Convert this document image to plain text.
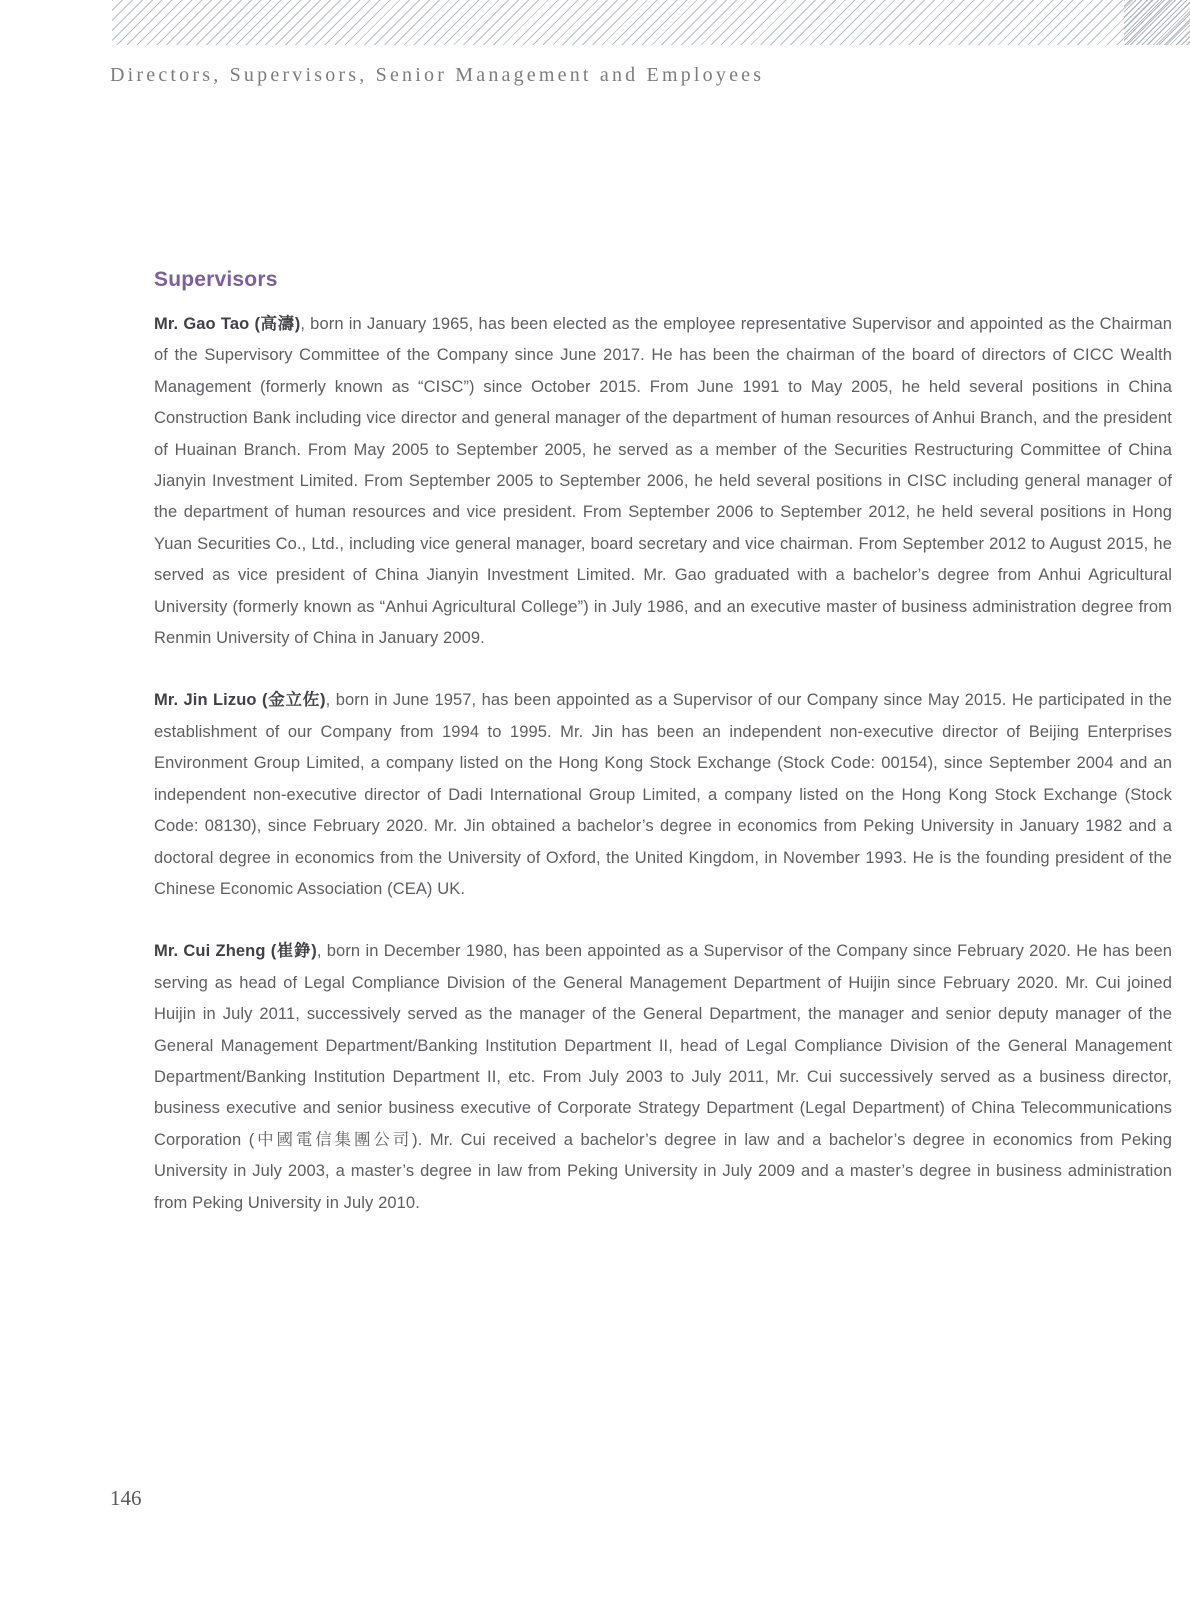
Directors, Supervisors, Senior Management and Employees
Supervisors

Mr. Gao Tao (高濤), born in January 1965, has been elected as the employee representative Supervisor and appointed as the Chairman of the Supervisory Committee of the Company since June 2017. He has been the chairman of the board of directors of CICC Wealth Management (formerly known as “CISC”) since October 2015. From June 1991 to May 2005, he held several positions in China Construction Bank including vice director and general manager of the department of human resources of Anhui Branch, and the president of Huainan Branch. From May 2005 to September 2005, he served as a member of the Securities Restructuring Committee of China Jianyin Investment Limited. From September 2005 to September 2006, he held several positions in CISC including general manager of the department of human resources and vice president. From September 2006 to September 2012, he held several positions in Hong Yuan Securities Co., Ltd., including vice general manager, board secretary and vice chairman. From September 2012 to August 2015, he served as vice president of China Jianyin Investment Limited. Mr. Gao graduated with a bachelor’s degree from Anhui Agricultural University (formerly known as “Anhui Agricultural College”) in July 1986, and an executive master of business administration degree from Renmin University of China in January 2009.

Mr. Jin Lizuo (金立佐), born in June 1957, has been appointed as a Supervisor of our Company since May 2015. He participated in the establishment of our Company from 1994 to 1995. Mr. Jin has been an independent non-executive director of Beijing Enterprises Environment Group Limited, a company listed on the Hong Kong Stock Exchange (Stock Code: 00154), since September 2004 and an independent non-executive director of Dadi International Group Limited, a company listed on the Hong Kong Stock Exchange (Stock Code: 08130), since February 2020. Mr. Jin obtained a bachelor’s degree in economics from Peking University in January 1982 and a doctoral degree in economics from the University of Oxford, the United Kingdom, in November 1993. He is the founding president of the Chinese Economic Association (CEA) UK.

Mr. Cui Zheng (崔錚), born in December 1980, has been appointed as a Supervisor of the Company since February 2020. He has been serving as head of Legal Compliance Division of the General Management Department of Huijin since February 2020. Mr. Cui joined Huijin in July 2011, successively served as the manager of the General Department, the manager and senior deputy manager of the General Management Department/Banking Institution Department II, head of Legal Compliance Division of the General Management Department/Banking Institution Department II, etc. From July 2003 to July 2011, Mr. Cui successively served as a business director, business executive and senior business executive of Corporate Strategy Department (Legal Department) of China Telecommunications Corporation (中國電信集團公司). Mr. Cui received a bachelor’s degree in law and a bachelor’s degree in economics from Peking University in July 2003, a master’s degree in law from Peking University in July 2009 and a master’s degree in business administration from Peking University in July 2010.

146
